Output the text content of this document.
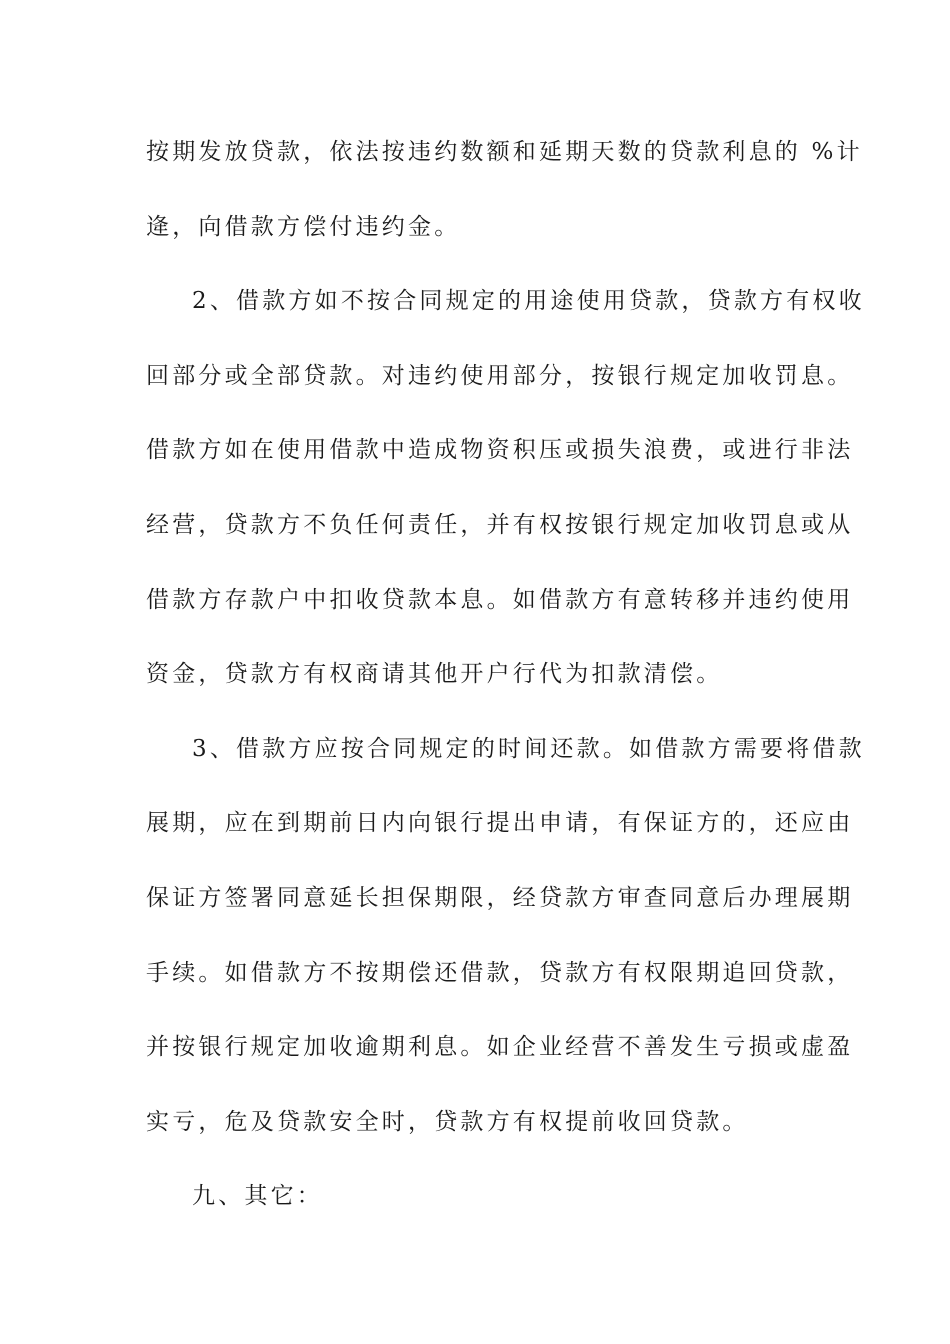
按期发放贷款，依法按违约数额和延期天数的贷款利息的 %计
逄，向借款方偿付违约金。
2、借款方如不按合同规定的用途使用贷款，贷款方有权收
回部分或全部贷款。对违约使用部分，按银行规定加收罚息。
借款方如在使用借款中造成物资积压或损失浪费，或进行非法
经营，贷款方不负任何责任，并有权按银行规定加收罚息或从
借款方存款户中扣收贷款本息。如借款方有意转移并违约使用
资金，贷款方有权商请其他开户行代为扣款清偿。
3、借款方应按合同规定的时间还款。如借款方需要将借款
展期，应在到期前日内向银行提出申请，有保证方的，还应由
保证方签署同意延长担保期限，经贷款方审查同意后办理展期
手续。如借款方不按期偿还借款，贷款方有权限期追回贷款，
并按银行规定加收逾期利息。如企业经营不善发生亏损或虚盈
实亏，危及贷款安全时，贷款方有权提前收回贷款。
九、其它：
